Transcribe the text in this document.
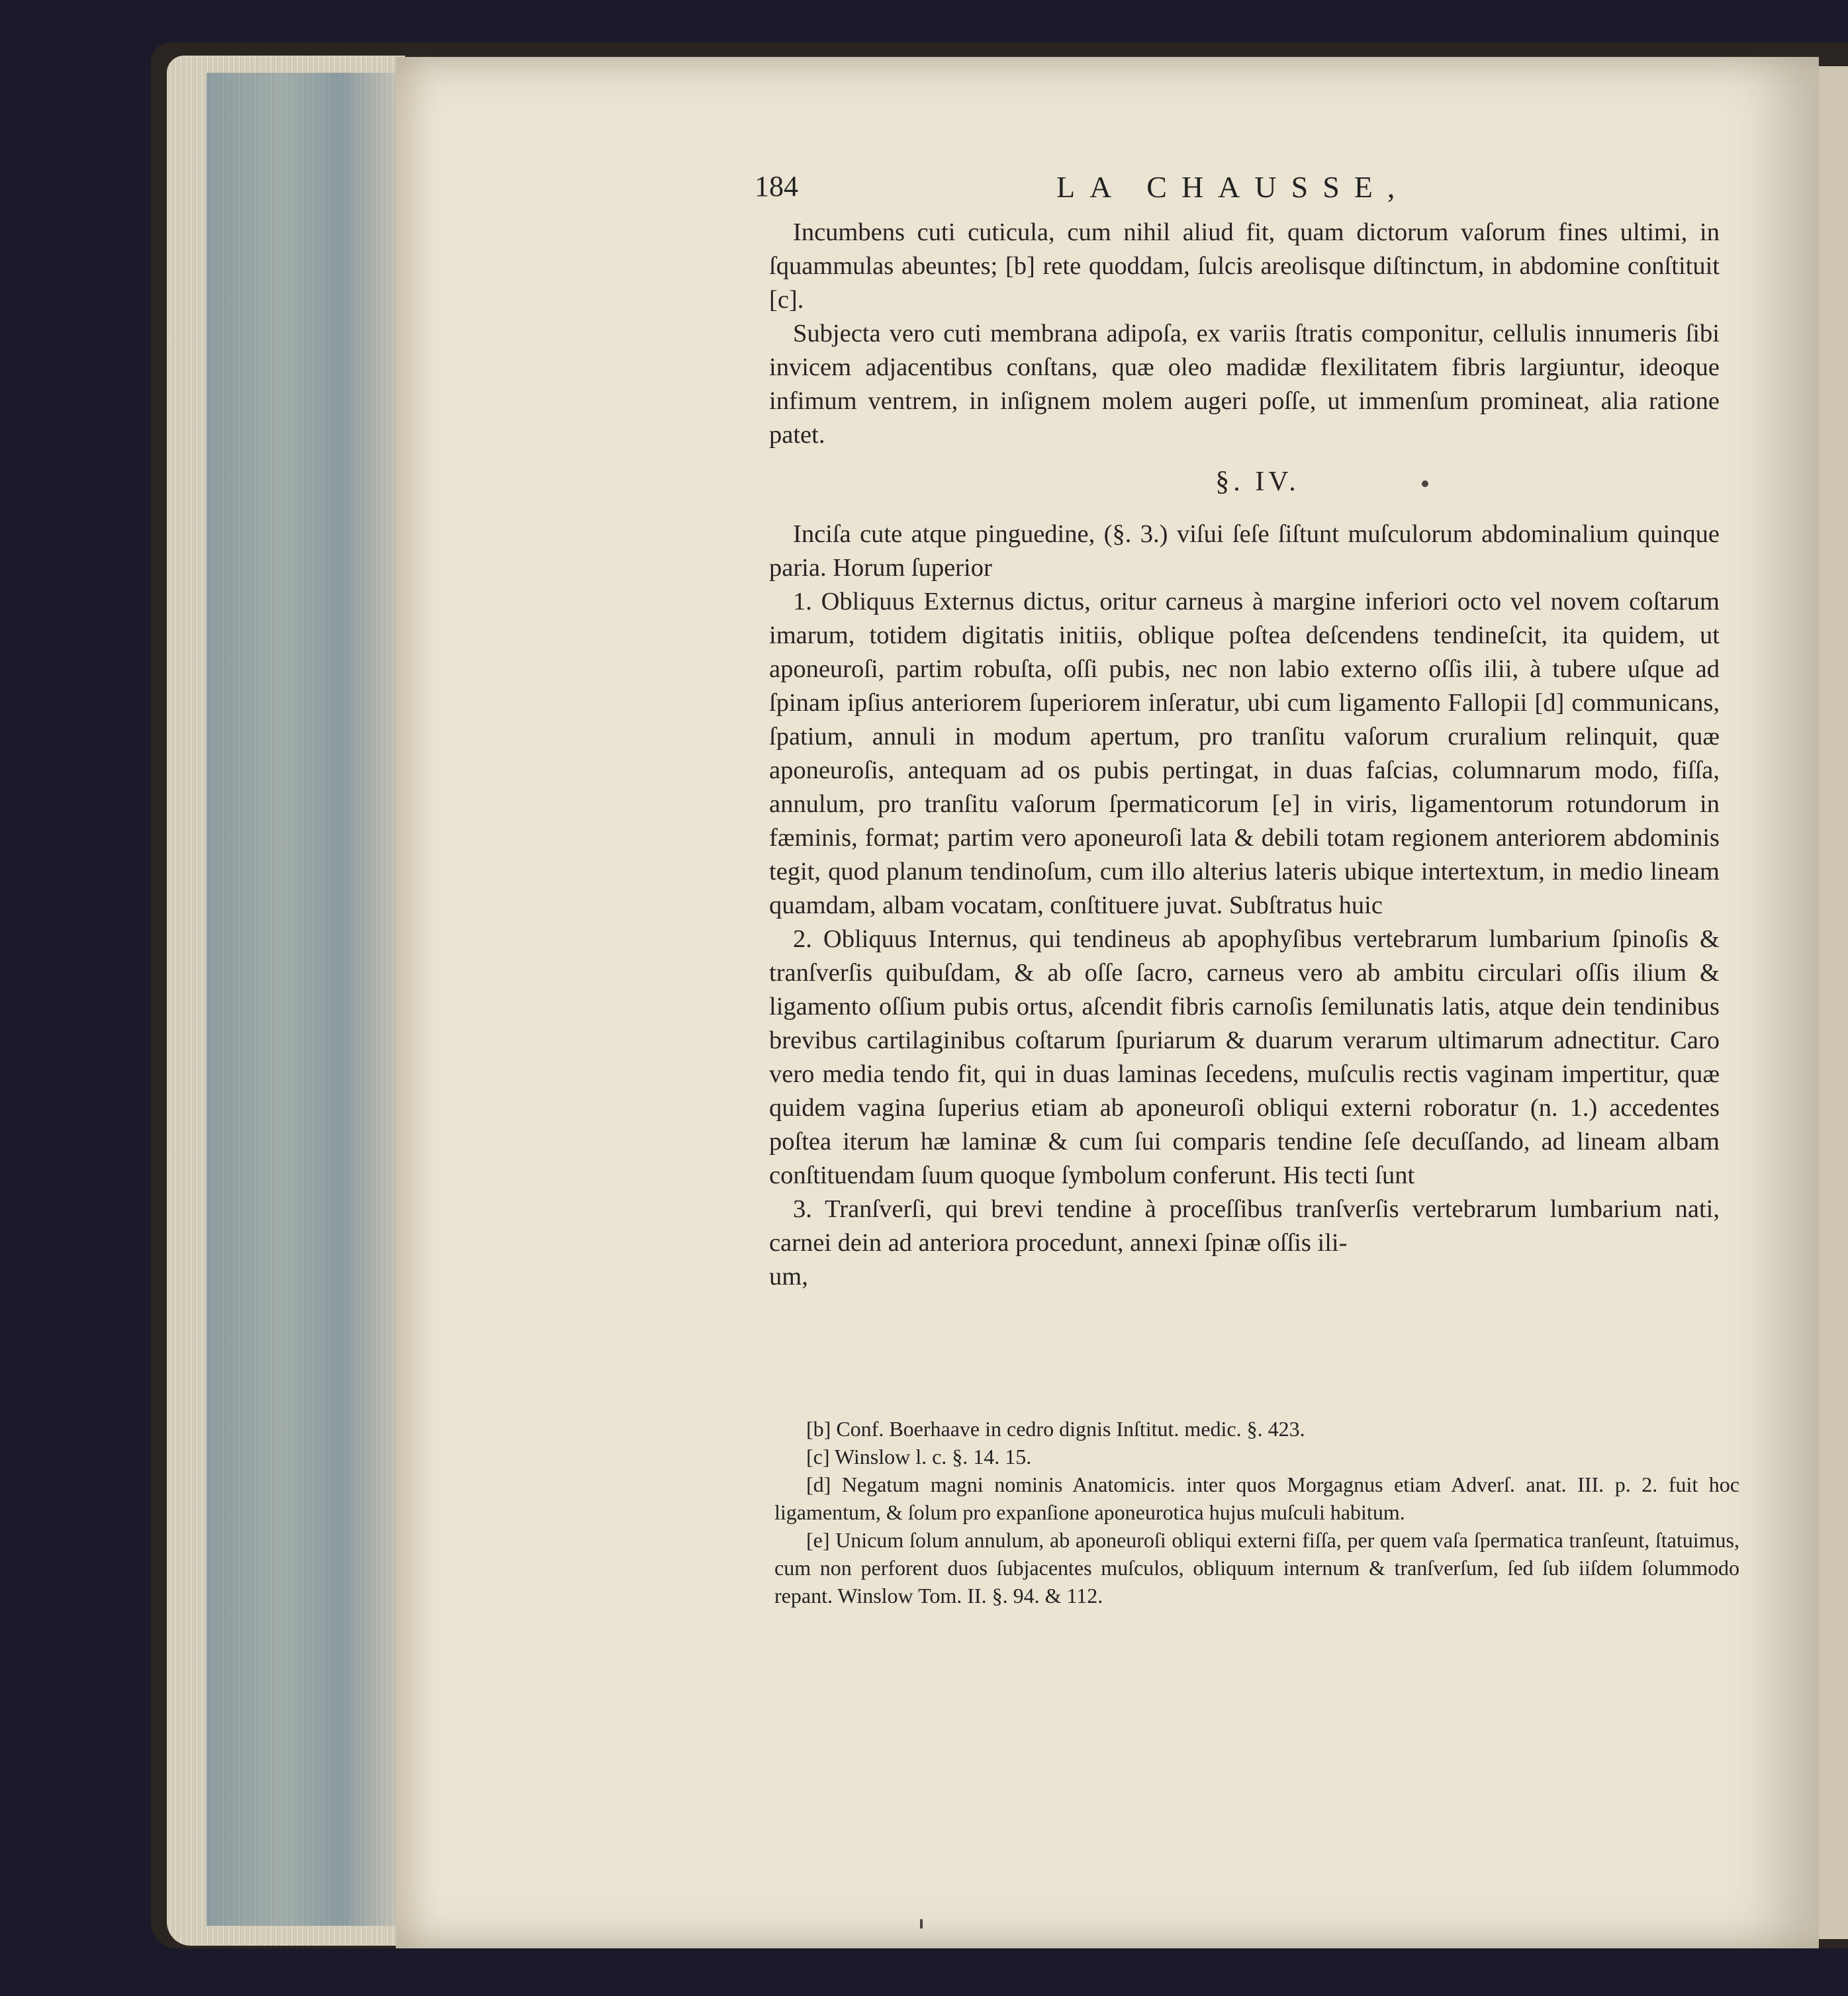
184	LA CHAUSSE,

Incumbens cuti cuticula, cum nihil aliud fit, quam dictorum vaſorum fines ultimi, in ſquammulas abeuntes; [b] rete quoddam, ſulcis areolisque diſtinctum, in abdomine conſtituit [c].

Subjecta vero cuti membrana adipoſa, ex variis ſtratis componitur, cellulis innumeris ſibi invicem adjacentibus conſtans, quæ oleo madidæ flexilitatem fibris largiuntur, ideoque infimum ventrem, in inſignem molem augeri poſſe, ut immenſum promineat, alia ratione patet.

§. IV.

Inciſa cute atque pinguedine, (§. 3.) viſui ſeſe ſiſtunt muſculorum abdominalium quinque paria. Horum ſuperior

1. Obliquus Externus dictus, oritur carneus à margine inferiori octo vel novem coſtarum imarum, totidem digitatis initiis, oblique poſtea deſcendens tendineſcit, ita quidem, ut aponeuroſi, partim robuſta, oſſi pubis, nec non labio externo oſſis ilii, à tubere uſque ad ſpinam ipſius anteriorem ſuperiorem inſeratur, ubi cum ligamento Fallopii [d] communicans, ſpatium, annuli in modum apertum, pro tranſitu vaſorum cruralium relinquit, quæ aponeuroſis, antequam ad os pubis pertingat, in duas faſcias, columnarum modo, fiſſa, annulum, pro tranſitu vaſorum ſpermaticorum [e] in viris, ligamentorum rotundorum in fæminis, format; partim vero aponeuroſi lata & debili totam regionem anteriorem abdominis tegit, quod planum tendinoſum, cum illo alterius lateris ubique intertextum, in medio lineam quamdam, albam vocatam, conſtituere juvat. Subſtratus huic

2. Obliquus Internus, qui tendineus ab apophyſibus vertebrarum lumbarium ſpinoſis & tranſverſis quibuſdam, & ab oſſe ſacro, carneus vero ab ambitu circulari oſſis ilium & ligamento oſſium pubis ortus, aſcendit fibris carnoſis ſemilunatis latis, atque dein tendinibus brevibus cartilaginibus coſtarum ſpuriarum & duarum verarum ultimarum adnectitur. Caro vero media tendo fit, qui in duas laminas ſecedens, muſculis rectis vaginam impertitur, quæ quidem vagina ſuperius etiam ab aponeuroſi obliqui externi roboratur (n. 1.) accedentes poſtea iterum hæ laminæ & cum ſui comparis tendine ſeſe decuſſando, ad lineam albam conſtituendam ſuum quoque ſymbolum conferunt. His tecti ſunt

3. Tranſverſi, qui brevi tendine à proceſſibus tranſverſis vertebrarum lumbarium nati, carnei dein ad anteriora procedunt, annexi ſpinæ oſſis ili-

um,

[b] Conf. Boerhaave in cedro dignis Inſtitut. medic. §. 423.

[c] Winslow l. c. §. 14. 15.

[d] Negatum magni nominis Anatomicis. inter quos Morgagnus etiam Adverſ. anat. III. p. 2. fuit hoc ligamentum, & ſolum pro expanſione aponeurotica hujus muſculi habitum.

[e] Unicum ſolum annulum, ab aponeuroſi obliqui externi fiſſa, per quem vaſa ſpermatica tranſeunt, ſtatuimus, cum non perforent duos ſubjacentes muſculos, obliquum internum & tranſverſum, ſed ſub iiſdem ſolummodo repant. Winslow Tom. II. §. 94. & 112.
